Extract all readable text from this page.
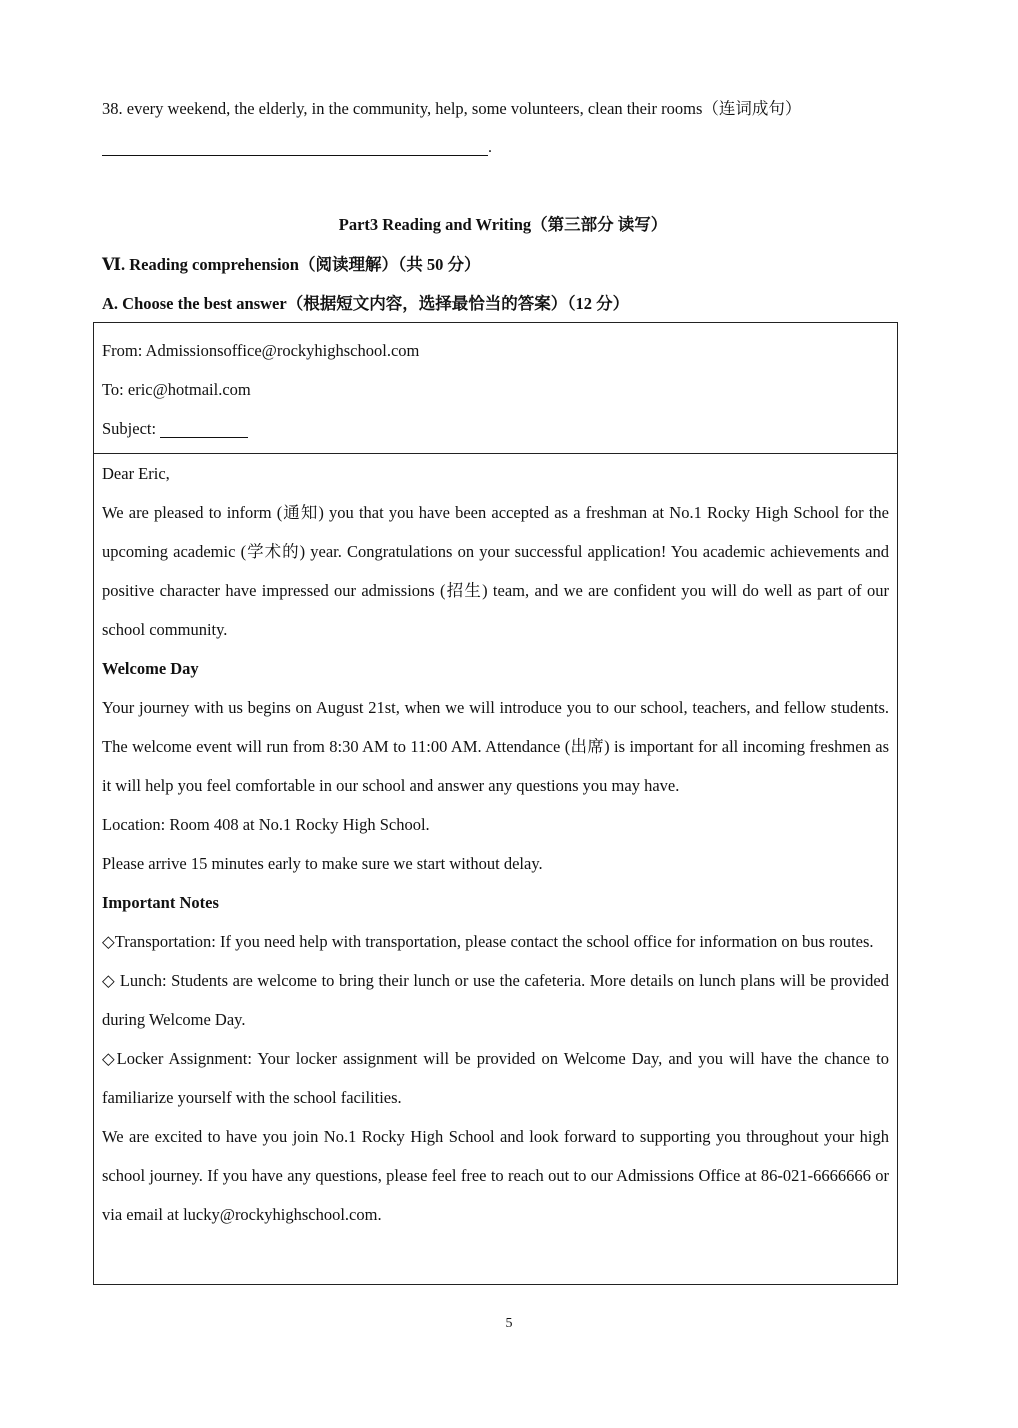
38. every weekend, the elderly, in the community, help, some volunteers, clean their rooms（连词成句）
.
Part3 Reading and Writing（第三部分 读写）
Ⅵ. Reading comprehension（阅读理解）（共 50 分）
A. Choose the best answer（根据短文内容，选择最恰当的答案）（12 分）
From: Admissionsoffice@rockyhighschool.com
To: eric@hotmail.com
Subject:

Dear Eric,

We are pleased to inform (通知) you that you have been accepted as a freshman at No.1 Rocky High School for the upcoming academic (学术的) year. Congratulations on your successful application! You academic achievements and positive character have impressed our admissions (招生) team, and we are confident you will do well as part of our school community.

Welcome Day

Your journey with us begins on August 21st, when we will introduce you to our school, teachers, and fellow students. The welcome event will run from 8:30 AM to 11:00 AM. Attendance (出席) is important for all incoming freshmen as it will help you feel comfortable in our school and answer any questions you may have.

Location: Room 408 at No.1 Rocky High School.

Please arrive 15 minutes early to make sure we start without delay.

Important Notes

◇Transportation: If you need help with transportation, please contact the school office for information on bus routes.

◇ Lunch: Students are welcome to bring their lunch or use the cafeteria. More details on lunch plans will be provided during Welcome Day.

◇Locker Assignment: Your locker assignment will be provided on Welcome Day, and you will have the chance to familiarize yourself with the school facilities.

We are excited to have you join No.1 Rocky High School and look forward to supporting you throughout your high school journey. If you have any questions, please feel free to reach out to our Admissions Office at 86-021-6666666 or via email at lucky@rockyhighschool.com.

5
